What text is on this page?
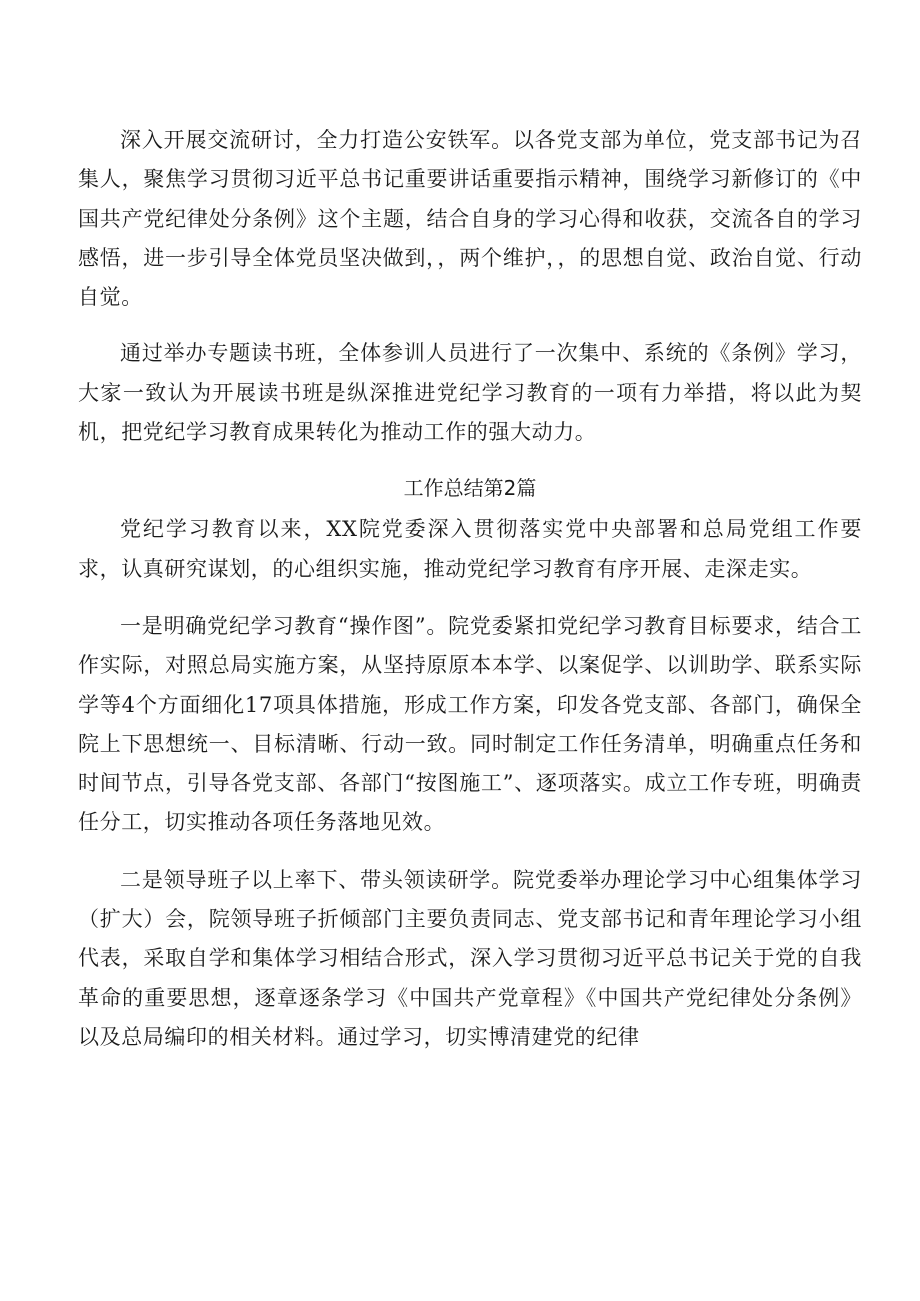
深入开展交流研讨，全力打造公安铁军。以各党支部为单位，党支部书记为召集人，聚焦学习贯彻习近平总书记重要讲话重要指示精神，围绕学习新修订的《中国共产党纪律处分条例》这个主题，结合自身的学习心得和收获，交流各自的学习感悟，进一步引导全体党员坚决做到，，两个维护，，的思想自觉、政治自觉、行动自觉。

通过举办专题读书班，全体参训人员进行了一次集中、系统的《条例》学习，大家一致认为开展读书班是纵深推进党纪学习教育的一项有力举措，将以此为契机，把党纪学习教育成果转化为推动工作的强大动力。

工作总结第2篇

党纪学习教育以来，XX院党委深入贯彻落实党中央部署和总局党组工作要求，认真研究谋划，的心组织实施，推动党纪学习教育有序开展、走深走实。

一是明确党纪学习教育“操作图”。院党委紧扣党纪学习教育目标要求，结合工作实际，对照总局实施方案，从坚持原原本本学、以案促学、以训助学、联系实际学等4个方面细化17项具体措施，形成工作方案，印发各党支部、各部门，确保全院上下思想统一、目标清晰、行动一致。同时制定工作任务清单，明确重点任务和时间节点，引导各党支部、各部门“按图施工”、逐项落实。成立工作专班，明确责任分工，切实推动各项任务落地见效。

二是领导班子以上率下、带头领读研学。院党委举办理论学习中心组集体学习（扩大）会，院领导班子折倾部门主要负责同志、党支部书记和青年理论学习小组代表，采取自学和集体学习相结合形式，深入学习贯彻习近平总书记关于党的自我革命的重要思想，逐章逐条学习《中国共产党章程》《中国共产党纪律处分条例》以及总局编印的相关材料。通过学习，切实博清建党的纪律
